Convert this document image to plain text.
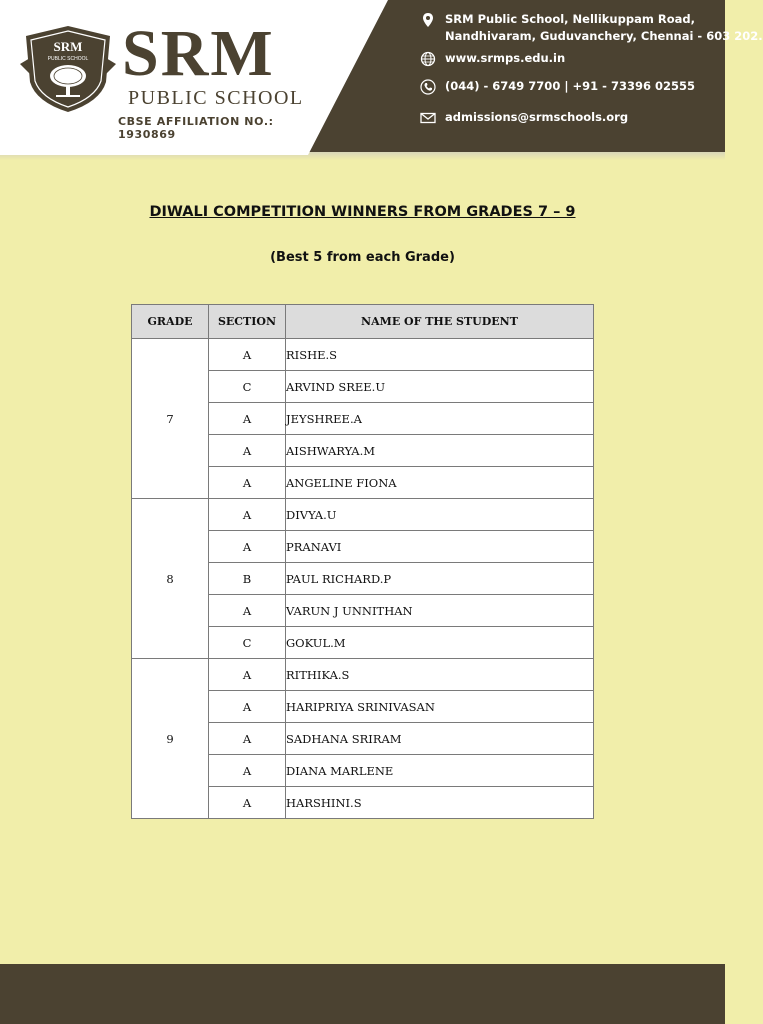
SRM
PUBLIC SCHOOL SRM
PUBLIC SCHOOL
CBSE AFFILIATION NO.: 1930869
SRM Public School, Nellikuppam Road,
Nandhivaram, Guduvanchery, Chennai - 603 202.
www.srmps.edu.in
(044) - 6749 7700 | +91 - 73396 02555
admissions@srmschools.org
DIWALI COMPETITION WINNERS FROM GRADES 7 – 9
(Best 5 from each Grade)
GRADE	SECTION	NAME OF THE STUDENT
7	A	RISHE.S
	C	ARVIND SREE.U
	A	JEYSHREE.A
	A	AISHWARYA.M
	A	ANGELINE FIONA
8	A	DIVYA.U
	A	PRANAVI
	B	PAUL RICHARD.P
	A	VARUN J UNNITHAN
	C	GOKUL.M
9	A	RITHIKA.S
	A	HARIPRIYA SRINIVASAN
	A	SADHANA SRIRAM
	A	DIANA MARLENE
	A	HARSHINI.S
